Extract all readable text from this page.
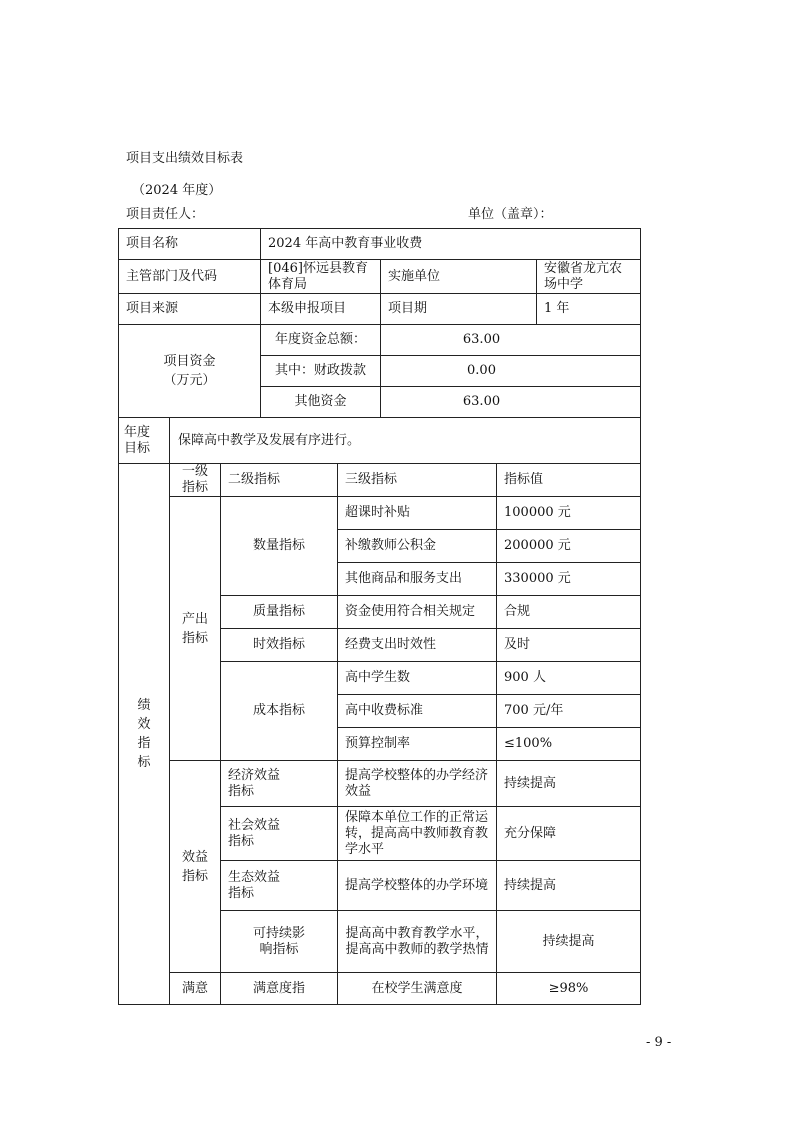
项目支出绩效目标表
（2024 年度）
项目责任人：	单位（盖章）：
项目名称			2024 年高中教育事业收费				
主管部门及代码			[046]怀远县教育体育局		实施单位		安徽省龙亢农场中学
项目来源			本级申报项目		项目期		1 年
项目资金（万元）			年度资金总额：		63.00		
			其中：财政拨款		0.00		
			其他资金		63.00		
年度目标	保障高中教学及发展有序进行。						
绩效指标	一级指标	二级指标		三级指标		指标值	
	产出指标	数量指标		超课时补贴		100000 元	
				补缴教师公积金		200000 元	
				其他商品和服务支出		330000 元	
		质量指标		资金使用符合相关规定		合规	
		时效指标		经费支出时效性		及时	
		成本指标		高中学生数		900 人	
				高中收费标准		700 元/年	
				预算控制率		≤100%	
	效益指标	经济效益指标		提高学校整体的办学经济效益		持续提高	
		社会效益指标		保障本单位工作的正常运转，提高高中教师教育教学水平		充分保障	
		生态效益指标		提高学校整体的办学环境		持续提高	
		可持续影响指标		提高高中教育教学水平，提高高中教师的教学热情		持续提高	
	满意	满意度指		在校学生满意度		≥98%	
- 9 -
